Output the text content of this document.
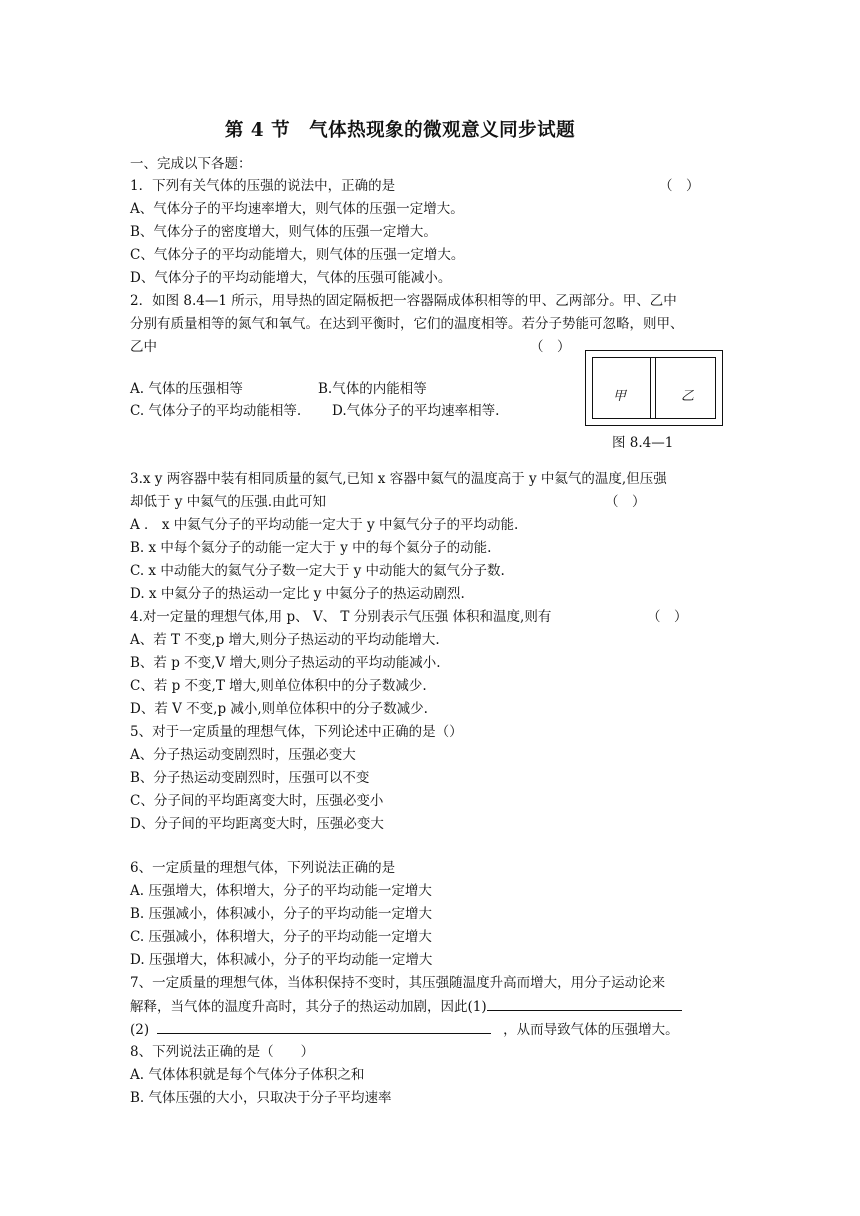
第 4 节　气体热现象的微观意义同步试题
一、完成以下各题：
1．下列有关气体的压强的说法中，正确的是	（　）
A、气体分子的平均速率增大，则气体的压强一定增大。
B、气体分子的密度增大，则气体的压强一定增大。
C、气体分子的平均动能增大，则气体的压强一定增大。
D、气体分子的平均动能增大，气体的压强可能减小。
2．如图 8.4—1 所示，用导热的固定隔板把一容器隔成体积相等的甲、乙两部分。甲、乙中
分别有质量相等的氮气和氧气。在达到平衡时，它们的温度相等。若分子势能可忽略，则甲、
乙中	（　）
A. 气体的压强相等	B.气体的内能相等
C. 气体分子的平均动能相等. D.气体分子的平均速率相等.
甲	乙
图 8.4—1
3.x y 两容器中装有相同质量的氦气,已知 x 容器中氦气的温度高于 y 中氦气的温度,但压强
却低于 y 中氦气的压强.由此可知	（　）
A ． x 中氦气分子的平均动能一定大于 y 中氦气分子的平均动能.
B. x 中每个氦分子的动能一定大于 y 中的每个氦分子的动能.
C. x 中动能大的氦气分子数一定大于 y 中动能大的氦气分子数.
D. x 中氦分子的热运动一定比 y 中氦分子的热运动剧烈.
4.对一定量的理想气体,用 p、 V、 T 分别表示气压强 体积和温度,则有	（　）
A、若 T 不变,p 增大,则分子热运动的平均动能增大.
B、若 p 不变,V 增大,则分子热运动的平均动能减小.
C、若 p 不变,T 增大,则单位体积中的分子数减少.
D、若 V 不变,p 减小,则单位体积中的分子数减少.
5、对于一定质量的理想气体，下列论述中正确的是（）
A、分子热运动变剧烈时，压强必变大
B、分子热运动变剧烈时，压强可以不变
C、分子间的平均距离变大时，压强必变小
D、分子间的平均距离变大时，压强必变大
6、一定质量的理想气体，下列说法正确的是
A. 压强增大，体积增大，分子的平均动能一定增大
B. 压强减小，体积减小，分子的平均动能一定增大
C. 压强减小，体积增大，分子的平均动能一定增大
D. 压强增大，体积减小，分子的平均动能一定增大
7、一定质量的理想气体，当体积保持不变时，其压强随温度升高而增大，用分子运动论来
解释，当气体的温度升高时，其分子的热运动加剧，因此(1)
(2)	，从而导致气体的压强增大。
8、下列说法正确的是（　　）
A. 气体体积就是每个气体分子体积之和
B. 气体压强的大小，只取决于分子平均速率
